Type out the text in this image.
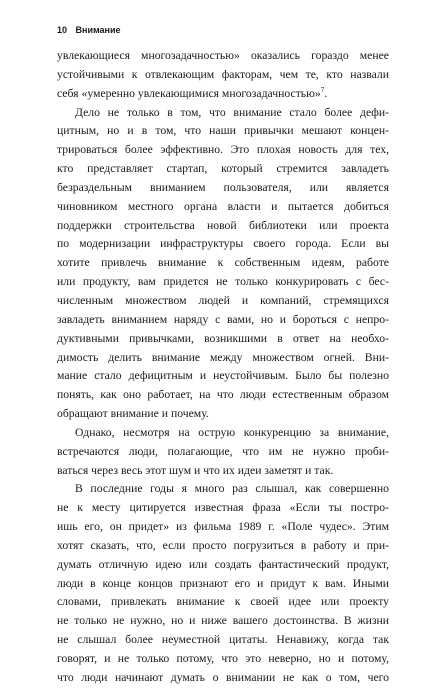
10 Внимание
увлекающиеся многозадачностью» оказались гораздо менее
устойчивыми к отвлекающим факторам, чем те, кто назвали
себя «умеренно увлекающимися многозадачностью»$^7$.
Дело не только в том, что внимание стало более дефи-
цитным, но и в том, что наши привычки мешают концен-
трироваться более эффективно. Это плохая новость для тех,
кто представляет стартап, который стремится завладеть
безраздельным вниманием пользователя, или является
чиновником местного органа власти и пытается добиться
поддержки строительства новой библиотеки или проекта
по модернизации инфраструктуры своего города. Если вы
хотите привлечь внимание к собственным идеям, работе
или продукту, вам придется не только конкурировать с бес-
численным множеством людей и компаний, стремящихся
завладеть вниманием наряду с вами, но и бороться с непро-
дуктивными привычками, возникшими в ответ на необхо-
димость делить внимание между множеством огней. Вни-
мание стало дефицитным и неустойчивым. Было бы полезно
понять, как оно работает, на что люди естественным образом
обращают внимание и почему.
Однако, несмотря на острую конкуренцию за внимание,
встречаются люди, полагающие, что им не нужно проби-
ваться через весь этот шум и что их идеи заметят и так.
В последние годы я много раз слышал, как совершенно
не к месту цитируется известная фраза «Если ты постро-
ишь его, он придет» из фильма 1989 г. «Поле чудес». Этим
хотят сказать, что, если просто погрузиться в работу и при-
думать отличную идею или создать фантастический продукт,
люди в конце концов признают его и придут к вам. Иными
словами, привлекать внимание к своей идее или проекту
не только не нужно, но и ниже вашего достоинства. В жизни
не слышал более неуместной цитаты. Ненавижу, когда так
говорят, и не только потому, что это неверно, но и потому,
что люди начинают думать о внимании не как о том, чего
